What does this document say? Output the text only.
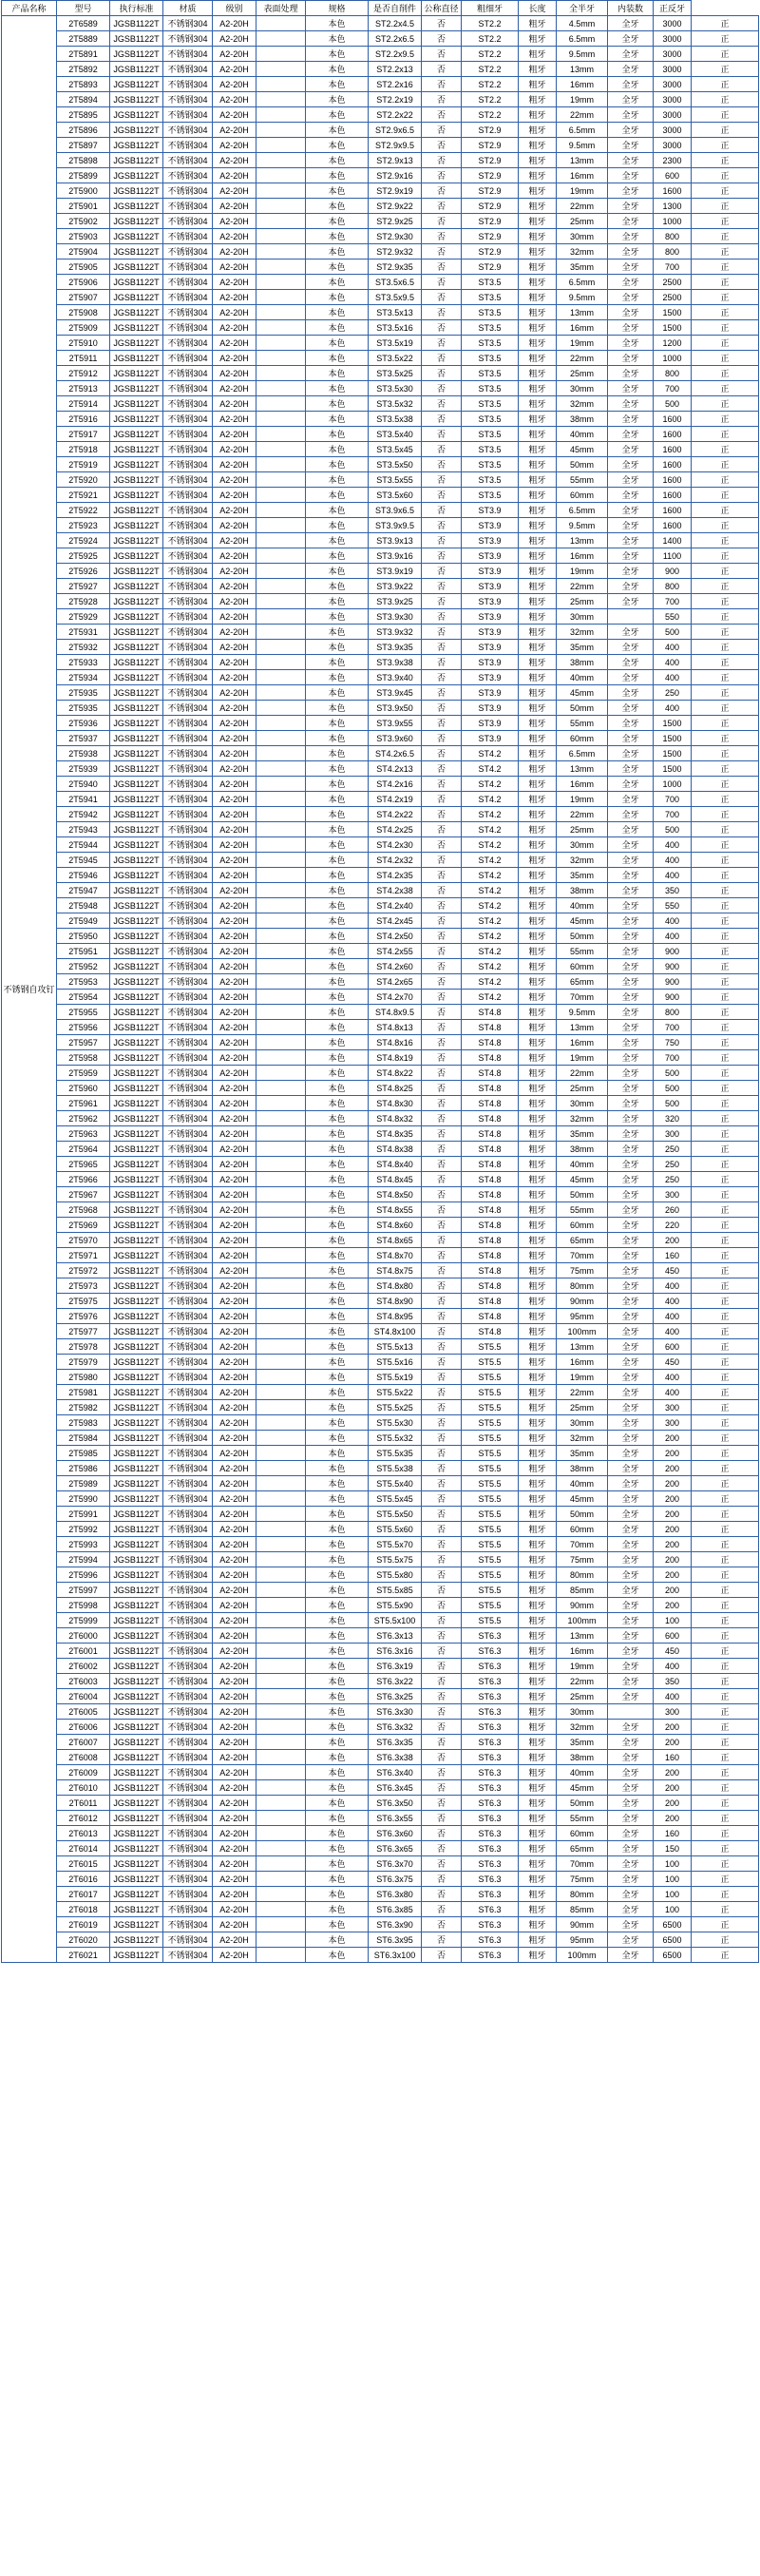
产品名称	型号	执行标准	材质	级别	表面处理	规格	是否自削件	公称直径	粗细牙	长度	全半牙	内装数	正反牙	
不锈钢自攻钉	2T6589	JGSB1122T	不锈钢304	A2-20H		本色	ST2.2x4.5	否	ST2.2	粗牙	4.5mm	全牙	3000	正
	2T5889	JGSB1122T	不锈钢304	A2-20H		本色	ST2.2x6.5	否	ST2.2	粗牙	6.5mm	全牙	3000	正
	2T5891	JGSB1122T	不锈钢304	A2-20H		本色	ST2.2x9.5	否	ST2.2	粗牙	9.5mm	全牙	3000	正
	2T5892	JGSB1122T	不锈钢304	A2-20H		本色	ST2.2x13	否	ST2.2	粗牙	13mm	全牙	3000	正
	2T5893	JGSB1122T	不锈钢304	A2-20H		本色	ST2.2x16	否	ST2.2	粗牙	16mm	全牙	3000	正
	2T5894	JGSB1122T	不锈钢304	A2-20H		本色	ST2.2x19	否	ST2.2	粗牙	19mm	全牙	3000	正
	2T5895	JGSB1122T	不锈钢304	A2-20H		本色	ST2.2x22	否	ST2.2	粗牙	22mm	全牙	3000	正
	2T5896	JGSB1122T	不锈钢304	A2-20H		本色	ST2.9x6.5	否	ST2.9	粗牙	6.5mm	全牙	3000	正
	2T5897	JGSB1122T	不锈钢304	A2-20H		本色	ST2.9x9.5	否	ST2.9	粗牙	9.5mm	全牙	3000	正
	2T5898	JGSB1122T	不锈钢304	A2-20H		本色	ST2.9x13	否	ST2.9	粗牙	13mm	全牙	2300	正
	2T5899	JGSB1122T	不锈钢304	A2-20H		本色	ST2.9x16	否	ST2.9	粗牙	16mm	全牙	600	正
	2T5900	JGSB1122T	不锈钢304	A2-20H		本色	ST2.9x19	否	ST2.9	粗牙	19mm	全牙	1600	正
	2T5901	JGSB1122T	不锈钢304	A2-20H		本色	ST2.9x22	否	ST2.9	粗牙	22mm	全牙	1300	正
	2T5902	JGSB1122T	不锈钢304	A2-20H		本色	ST2.9x25	否	ST2.9	粗牙	25mm	全牙	1000	正
	2T5903	JGSB1122T	不锈钢304	A2-20H		本色	ST2.9x30	否	ST2.9	粗牙	30mm	全牙	800	正
	2T5904	JGSB1122T	不锈钢304	A2-20H		本色	ST2.9x32	否	ST2.9	粗牙	32mm	全牙	800	正
	2T5905	JGSB1122T	不锈钢304	A2-20H		本色	ST2.9x35	否	ST2.9	粗牙	35mm	全牙	700	正
	2T5906	JGSB1122T	不锈钢304	A2-20H		本色	ST3.5x6.5	否	ST3.5	粗牙	6.5mm	全牙	2500	正
	2T5907	JGSB1122T	不锈钢304	A2-20H		本色	ST3.5x9.5	否	ST3.5	粗牙	9.5mm	全牙	2500	正
	2T5908	JGSB1122T	不锈钢304	A2-20H		本色	ST3.5x13	否	ST3.5	粗牙	13mm	全牙	1500	正
	2T5909	JGSB1122T	不锈钢304	A2-20H		本色	ST3.5x16	否	ST3.5	粗牙	16mm	全牙	1500	正
	2T5910	JGSB1122T	不锈钢304	A2-20H		本色	ST3.5x19	否	ST3.5	粗牙	19mm	全牙	1200	正
	2T5911	JGSB1122T	不锈钢304	A2-20H		本色	ST3.5x22	否	ST3.5	粗牙	22mm	全牙	1000	正
	2T5912	JGSB1122T	不锈钢304	A2-20H		本色	ST3.5x25	否	ST3.5	粗牙	25mm	全牙	800	正
	2T5913	JGSB1122T	不锈钢304	A2-20H		本色	ST3.5x30	否	ST3.5	粗牙	30mm	全牙	700	正
	2T5914	JGSB1122T	不锈钢304	A2-20H		本色	ST3.5x32	否	ST3.5	粗牙	32mm	全牙	500	正
	2T5916	JGSB1122T	不锈钢304	A2-20H		本色	ST3.5x38	否	ST3.5	粗牙	38mm	全牙	1600	正
	2T5917	JGSB1122T	不锈钢304	A2-20H		本色	ST3.5x40	否	ST3.5	粗牙	40mm	全牙	1600	正
	2T5918	JGSB1122T	不锈钢304	A2-20H		本色	ST3.5x45	否	ST3.5	粗牙	45mm	全牙	1600	正
	2T5919	JGSB1122T	不锈钢304	A2-20H		本色	ST3.5x50	否	ST3.5	粗牙	50mm	全牙	1600	正
	2T5920	JGSB1122T	不锈钢304	A2-20H		本色	ST3.5x55	否	ST3.5	粗牙	55mm	全牙	1600	正
	2T5921	JGSB1122T	不锈钢304	A2-20H		本色	ST3.5x60	否	ST3.5	粗牙	60mm	全牙	1600	正
	2T5922	JGSB1122T	不锈钢304	A2-20H		本色	ST3.9x6.5	否	ST3.9	粗牙	6.5mm	全牙	1600	正
	2T5923	JGSB1122T	不锈钢304	A2-20H		本色	ST3.9x9.5	否	ST3.9	粗牙	9.5mm	全牙	1600	正
	2T5924	JGSB1122T	不锈钢304	A2-20H		本色	ST3.9x13	否	ST3.9	粗牙	13mm	全牙	1400	正
	2T5925	JGSB1122T	不锈钢304	A2-20H		本色	ST3.9x16	否	ST3.9	粗牙	16mm	全牙	1100	正
	2T5926	JGSB1122T	不锈钢304	A2-20H		本色	ST3.9x19	否	ST3.9	粗牙	19mm	全牙	900	正
	2T5927	JGSB1122T	不锈钢304	A2-20H		本色	ST3.9x22	否	ST3.9	粗牙	22mm	全牙	800	正
	2T5928	JGSB1122T	不锈钢304	A2-20H		本色	ST3.9x25	否	ST3.9	粗牙	25mm	全牙	700	正
	2T5929	JGSB1122T	不锈钢304	A2-20H		本色	ST3.9x30	否	ST3.9	粗牙	30mm		550	正
	2T5931	JGSB1122T	不锈钢304	A2-20H		本色	ST3.9x32	否	ST3.9	粗牙	32mm	全牙	500	正
	2T5932	JGSB1122T	不锈钢304	A2-20H		本色	ST3.9x35	否	ST3.9	粗牙	35mm	全牙	400	正
	2T5933	JGSB1122T	不锈钢304	A2-20H		本色	ST3.9x38	否	ST3.9	粗牙	38mm	全牙	400	正
	2T5934	JGSB1122T	不锈钢304	A2-20H		本色	ST3.9x40	否	ST3.9	粗牙	40mm	全牙	400	正
	2T5935	JGSB1122T	不锈钢304	A2-20H		本色	ST3.9x45	否	ST3.9	粗牙	45mm	全牙	250	正
	2T5935	JGSB1122T	不锈钢304	A2-20H		本色	ST3.9x50	否	ST3.9	粗牙	50mm	全牙	400	正
	2T5936	JGSB1122T	不锈钢304	A2-20H		本色	ST3.9x55	否	ST3.9	粗牙	55mm	全牙	1500	正
	2T5937	JGSB1122T	不锈钢304	A2-20H		本色	ST3.9x60	否	ST3.9	粗牙	60mm	全牙	1500	正
	2T5938	JGSB1122T	不锈钢304	A2-20H		本色	ST4.2x6.5	否	ST4.2	粗牙	6.5mm	全牙	1500	正
	2T5939	JGSB1122T	不锈钢304	A2-20H		本色	ST4.2x13	否	ST4.2	粗牙	13mm	全牙	1500	正
	2T5940	JGSB1122T	不锈钢304	A2-20H		本色	ST4.2x16	否	ST4.2	粗牙	16mm	全牙	1000	正
	2T5941	JGSB1122T	不锈钢304	A2-20H		本色	ST4.2x19	否	ST4.2	粗牙	19mm	全牙	700	正
	2T5942	JGSB1122T	不锈钢304	A2-20H		本色	ST4.2x22	否	ST4.2	粗牙	22mm	全牙	700	正
	2T5943	JGSB1122T	不锈钢304	A2-20H		本色	ST4.2x25	否	ST4.2	粗牙	25mm	全牙	500	正
	2T5944	JGSB1122T	不锈钢304	A2-20H		本色	ST4.2x30	否	ST4.2	粗牙	30mm	全牙	400	正
	2T5945	JGSB1122T	不锈钢304	A2-20H		本色	ST4.2x32	否	ST4.2	粗牙	32mm	全牙	400	正
	2T5946	JGSB1122T	不锈钢304	A2-20H		本色	ST4.2x35	否	ST4.2	粗牙	35mm	全牙	400	正
	2T5947	JGSB1122T	不锈钢304	A2-20H		本色	ST4.2x38	否	ST4.2	粗牙	38mm	全牙	350	正
	2T5948	JGSB1122T	不锈钢304	A2-20H		本色	ST4.2x40	否	ST4.2	粗牙	40mm	全牙	550	正
	2T5949	JGSB1122T	不锈钢304	A2-20H		本色	ST4.2x45	否	ST4.2	粗牙	45mm	全牙	400	正
	2T5950	JGSB1122T	不锈钢304	A2-20H		本色	ST4.2x50	否	ST4.2	粗牙	50mm	全牙	400	正
	2T5951	JGSB1122T	不锈钢304	A2-20H		本色	ST4.2x55	否	ST4.2	粗牙	55mm	全牙	900	正
	2T5952	JGSB1122T	不锈钢304	A2-20H		本色	ST4.2x60	否	ST4.2	粗牙	60mm	全牙	900	正
	2T5953	JGSB1122T	不锈钢304	A2-20H		本色	ST4.2x65	否	ST4.2	粗牙	65mm	全牙	900	正
	2T5954	JGSB1122T	不锈钢304	A2-20H		本色	ST4.2x70	否	ST4.2	粗牙	70mm	全牙	900	正
	2T5955	JGSB1122T	不锈钢304	A2-20H		本色	ST4.8x9.5	否	ST4.8	粗牙	9.5mm	全牙	800	正
	2T5956	JGSB1122T	不锈钢304	A2-20H		本色	ST4.8x13	否	ST4.8	粗牙	13mm	全牙	700	正
	2T5957	JGSB1122T	不锈钢304	A2-20H		本色	ST4.8x16	否	ST4.8	粗牙	16mm	全牙	750	正
	2T5958	JGSB1122T	不锈钢304	A2-20H		本色	ST4.8x19	否	ST4.8	粗牙	19mm	全牙	700	正
	2T5959	JGSB1122T	不锈钢304	A2-20H		本色	ST4.8x22	否	ST4.8	粗牙	22mm	全牙	500	正
	2T5960	JGSB1122T	不锈钢304	A2-20H		本色	ST4.8x25	否	ST4.8	粗牙	25mm	全牙	500	正
	2T5961	JGSB1122T	不锈钢304	A2-20H		本色	ST4.8x30	否	ST4.8	粗牙	30mm	全牙	500	正
	2T5962	JGSB1122T	不锈钢304	A2-20H		本色	ST4.8x32	否	ST4.8	粗牙	32mm	全牙	320	正
	2T5963	JGSB1122T	不锈钢304	A2-20H		本色	ST4.8x35	否	ST4.8	粗牙	35mm	全牙	300	正
	2T5964	JGSB1122T	不锈钢304	A2-20H		本色	ST4.8x38	否	ST4.8	粗牙	38mm	全牙	250	正
	2T5965	JGSB1122T	不锈钢304	A2-20H		本色	ST4.8x40	否	ST4.8	粗牙	40mm	全牙	250	正
	2T5966	JGSB1122T	不锈钢304	A2-20H		本色	ST4.8x45	否	ST4.8	粗牙	45mm	全牙	250	正
	2T5967	JGSB1122T	不锈钢304	A2-20H		本色	ST4.8x50	否	ST4.8	粗牙	50mm	全牙	300	正
	2T5968	JGSB1122T	不锈钢304	A2-20H		本色	ST4.8x55	否	ST4.8	粗牙	55mm	全牙	260	正
	2T5969	JGSB1122T	不锈钢304	A2-20H		本色	ST4.8x60	否	ST4.8	粗牙	60mm	全牙	220	正
	2T5970	JGSB1122T	不锈钢304	A2-20H		本色	ST4.8x65	否	ST4.8	粗牙	65mm	全牙	200	正
	2T5971	JGSB1122T	不锈钢304	A2-20H		本色	ST4.8x70	否	ST4.8	粗牙	70mm	全牙	160	正
	2T5972	JGSB1122T	不锈钢304	A2-20H		本色	ST4.8x75	否	ST4.8	粗牙	75mm	全牙	450	正
	2T5973	JGSB1122T	不锈钢304	A2-20H		本色	ST4.8x80	否	ST4.8	粗牙	80mm	全牙	400	正
	2T5975	JGSB1122T	不锈钢304	A2-20H		本色	ST4.8x90	否	ST4.8	粗牙	90mm	全牙	400	正
	2T5976	JGSB1122T	不锈钢304	A2-20H		本色	ST4.8x95	否	ST4.8	粗牙	95mm	全牙	400	正
	2T5977	JGSB1122T	不锈钢304	A2-20H		本色	ST4.8x100	否	ST4.8	粗牙	100mm	全牙	400	正
	2T5978	JGSB1122T	不锈钢304	A2-20H		本色	ST5.5x13	否	ST5.5	粗牙	13mm	全牙	600	正
	2T5979	JGSB1122T	不锈钢304	A2-20H		本色	ST5.5x16	否	ST5.5	粗牙	16mm	全牙	450	正
	2T5980	JGSB1122T	不锈钢304	A2-20H		本色	ST5.5x19	否	ST5.5	粗牙	19mm	全牙	400	正
	2T5981	JGSB1122T	不锈钢304	A2-20H		本色	ST5.5x22	否	ST5.5	粗牙	22mm	全牙	400	正
	2T5982	JGSB1122T	不锈钢304	A2-20H		本色	ST5.5x25	否	ST5.5	粗牙	25mm	全牙	300	正
	2T5983	JGSB1122T	不锈钢304	A2-20H		本色	ST5.5x30	否	ST5.5	粗牙	30mm	全牙	300	正
	2T5984	JGSB1122T	不锈钢304	A2-20H		本色	ST5.5x32	否	ST5.5	粗牙	32mm	全牙	200	正
	2T5985	JGSB1122T	不锈钢304	A2-20H		本色	ST5.5x35	否	ST5.5	粗牙	35mm	全牙	200	正
	2T5986	JGSB1122T	不锈钢304	A2-20H		本色	ST5.5x38	否	ST5.5	粗牙	38mm	全牙	200	正
	2T5989	JGSB1122T	不锈钢304	A2-20H		本色	ST5.5x40	否	ST5.5	粗牙	40mm	全牙	200	正
	2T5990	JGSB1122T	不锈钢304	A2-20H		本色	ST5.5x45	否	ST5.5	粗牙	45mm	全牙	200	正
	2T5991	JGSB1122T	不锈钢304	A2-20H		本色	ST5.5x50	否	ST5.5	粗牙	50mm	全牙	200	正
	2T5992	JGSB1122T	不锈钢304	A2-20H		本色	ST5.5x60	否	ST5.5	粗牙	60mm	全牙	200	正
	2T5993	JGSB1122T	不锈钢304	A2-20H		本色	ST5.5x70	否	ST5.5	粗牙	70mm	全牙	200	正
	2T5994	JGSB1122T	不锈钢304	A2-20H		本色	ST5.5x75	否	ST5.5	粗牙	75mm	全牙	200	正
	2T5996	JGSB1122T	不锈钢304	A2-20H		本色	ST5.5x80	否	ST5.5	粗牙	80mm	全牙	200	正
	2T5997	JGSB1122T	不锈钢304	A2-20H		本色	ST5.5x85	否	ST5.5	粗牙	85mm	全牙	200	正
	2T5998	JGSB1122T	不锈钢304	A2-20H		本色	ST5.5x90	否	ST5.5	粗牙	90mm	全牙	200	正
	2T5999	JGSB1122T	不锈钢304	A2-20H		本色	ST5.5x100	否	ST5.5	粗牙	100mm	全牙	100	正
	2T6000	JGSB1122T	不锈钢304	A2-20H		本色	ST6.3x13	否	ST6.3	粗牙	13mm	全牙	600	正
	2T6001	JGSB1122T	不锈钢304	A2-20H		本色	ST6.3x16	否	ST6.3	粗牙	16mm	全牙	450	正
	2T6002	JGSB1122T	不锈钢304	A2-20H		本色	ST6.3x19	否	ST6.3	粗牙	19mm	全牙	400	正
	2T6003	JGSB1122T	不锈钢304	A2-20H		本色	ST6.3x22	否	ST6.3	粗牙	22mm	全牙	350	正
	2T6004	JGSB1122T	不锈钢304	A2-20H		本色	ST6.3x25	否	ST6.3	粗牙	25mm	全牙	400	正
	2T6005	JGSB1122T	不锈钢304	A2-20H		本色	ST6.3x30	否	ST6.3	粗牙	30mm		300	正
	2T6006	JGSB1122T	不锈钢304	A2-20H		本色	ST6.3x32	否	ST6.3	粗牙	32mm	全牙	200	正
	2T6007	JGSB1122T	不锈钢304	A2-20H		本色	ST6.3x35	否	ST6.3	粗牙	35mm	全牙	200	正
	2T6008	JGSB1122T	不锈钢304	A2-20H		本色	ST6.3x38	否	ST6.3	粗牙	38mm	全牙	160	正
	2T6009	JGSB1122T	不锈钢304	A2-20H		本色	ST6.3x40	否	ST6.3	粗牙	40mm	全牙	200	正
	2T6010	JGSB1122T	不锈钢304	A2-20H		本色	ST6.3x45	否	ST6.3	粗牙	45mm	全牙	200	正
	2T6011	JGSB1122T	不锈钢304	A2-20H		本色	ST6.3x50	否	ST6.3	粗牙	50mm	全牙	200	正
	2T6012	JGSB1122T	不锈钢304	A2-20H		本色	ST6.3x55	否	ST6.3	粗牙	55mm	全牙	200	正
	2T6013	JGSB1122T	不锈钢304	A2-20H		本色	ST6.3x60	否	ST6.3	粗牙	60mm	全牙	160	正
	2T6014	JGSB1122T	不锈钢304	A2-20H		本色	ST6.3x65	否	ST6.3	粗牙	65mm	全牙	150	正
	2T6015	JGSB1122T	不锈钢304	A2-20H		本色	ST6.3x70	否	ST6.3	粗牙	70mm	全牙	100	正
	2T6016	JGSB1122T	不锈钢304	A2-20H		本色	ST6.3x75	否	ST6.3	粗牙	75mm	全牙	100	正
	2T6017	JGSB1122T	不锈钢304	A2-20H		本色	ST6.3x80	否	ST6.3	粗牙	80mm	全牙	100	正
	2T6018	JGSB1122T	不锈钢304	A2-20H		本色	ST6.3x85	否	ST6.3	粗牙	85mm	全牙	100	正
	2T6019	JGSB1122T	不锈钢304	A2-20H		本色	ST6.3x90	否	ST6.3	粗牙	90mm	全牙	6500	正
	2T6020	JGSB1122T	不锈钢304	A2-20H		本色	ST6.3x95	否	ST6.3	粗牙	95mm	全牙	6500	正
	2T6021	JGSB1122T	不锈钢304	A2-20H		本色	ST6.3x100	否	ST6.3	粗牙	100mm	全牙	6500	正
